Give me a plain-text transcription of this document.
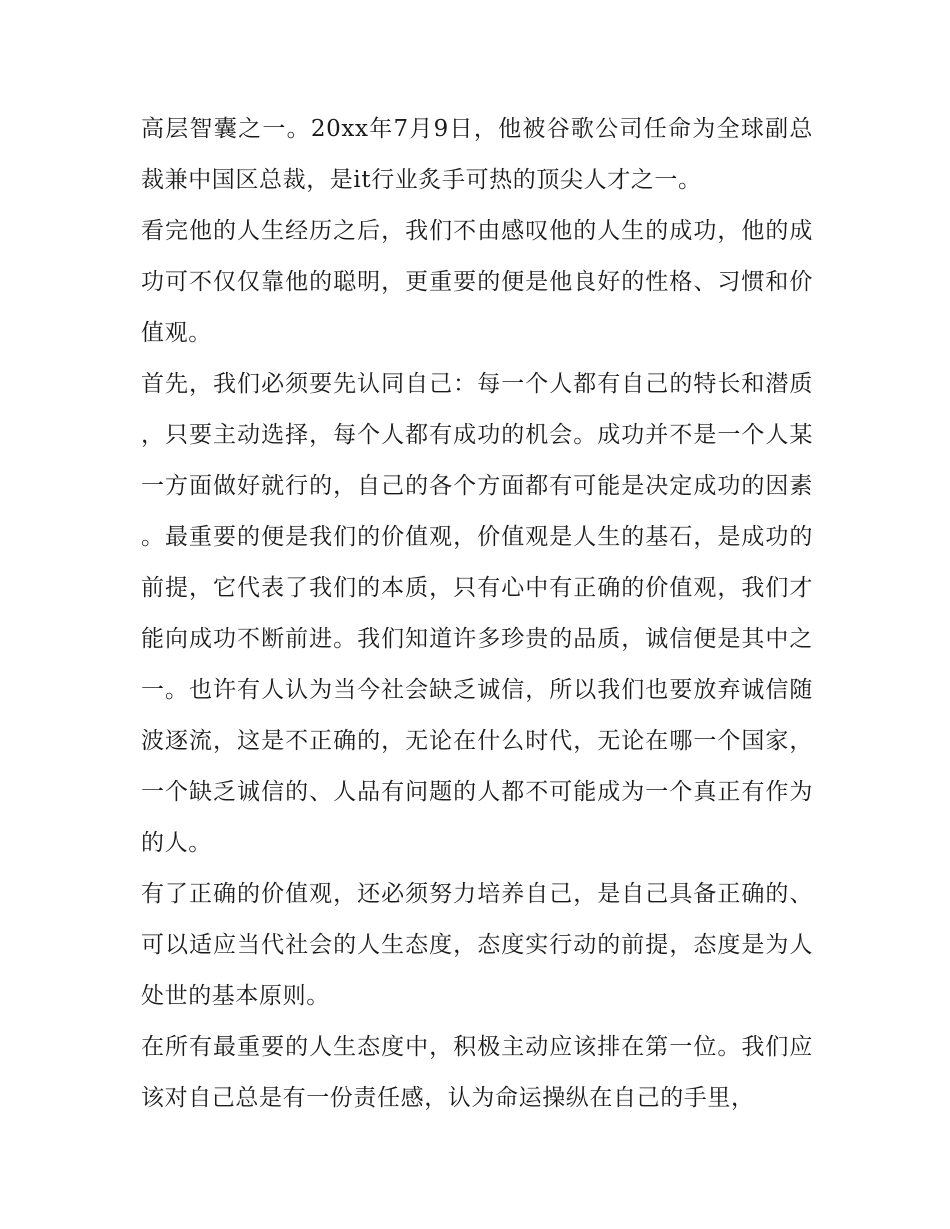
高层智囊之一。20xx年7月9日，他被谷歌公司任命为全球副总裁兼中国区总裁，是it行业炙手可热的顶尖人才之一。

看完他的人生经历之后，我们不由感叹他的人生的成功，他的成功可不仅仅靠他的聪明，更重要的便是他良好的性格、习惯和价值观。

首先，我们必须要先认同自己：每一个人都有自己的特长和潜质，只要主动选择，每个人都有成功的机会。成功并不是一个人某一方面做好就行的，自己的各个方面都有可能是决定成功的因素。最重要的便是我们的价值观，价值观是人生的基石，是成功的前提，它代表了我们的本质，只有心中有正确的价值观，我们才能向成功不断前进。我们知道许多珍贵的品质，诚信便是其中之一。也许有人认为当今社会缺乏诚信，所以我们也要放弃诚信随波逐流，这是不正确的，无论在什么时代，无论在哪一个国家，一个缺乏诚信的、人品有问题的人都不可能成为一个真正有作为的人。

有了正确的价值观，还必须努力培养自己，是自己具备正确的、可以适应当代社会的人生态度，态度实行动的前提，态度是为人处世的基本原则。

在所有最重要的人生态度中，积极主动应该排在第一位。我们应该对自己总是有一份责任感，认为命运操纵在自己的手里，
